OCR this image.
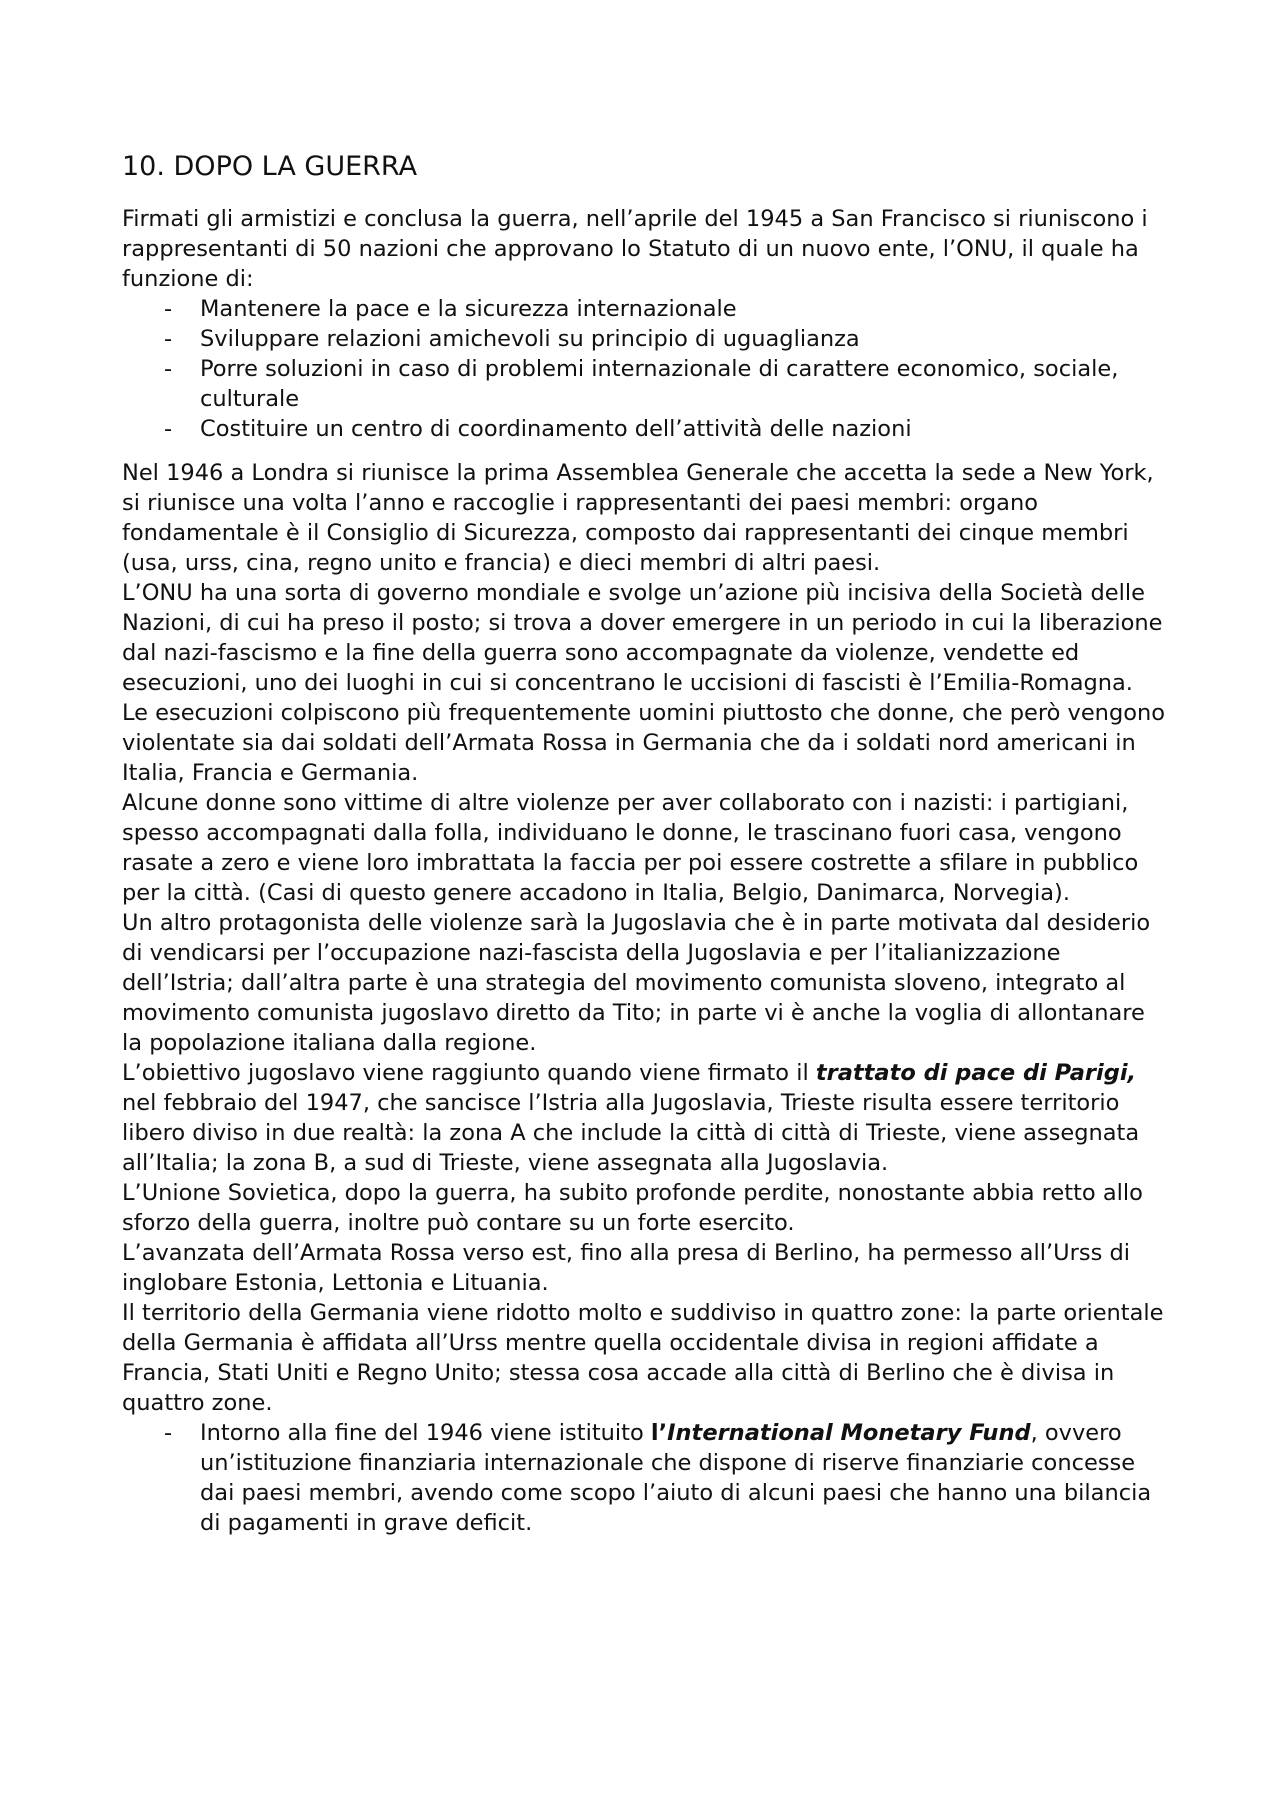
10. DOPO LA GUERRA

Firmati gli armistizi e conclusa la guerra, nell’aprile del 1945 a San Francisco si riuniscono i rappresentanti di 50 nazioni che approvano lo Statuto di un nuovo ente, l’ONU, il quale ha funzione di:

- Mantenere la pace e la sicurezza internazionale
- Sviluppare relazioni amichevoli su principio di uguaglianza
- Porre soluzioni in caso di problemi internazionale di carattere economico, sociale, culturale
- Costituire un centro di coordinamento dell’attività delle nazioni

Nel 1946 a Londra si riunisce la prima Assemblea Generale che accetta la sede a New York, si riunisce una volta l’anno e raccoglie i rappresentanti dei paesi membri: organo fondamentale è il Consiglio di Sicurezza, composto dai rappresentanti dei cinque membri (usa, urss, cina, regno unito e francia) e dieci membri di altri paesi.

L’ONU ha una sorta di governo mondiale e svolge un’azione più incisiva della Società delle Nazioni, di cui ha preso il posto; si trova a dover emergere in un periodo in cui la liberazione dal nazi-fascismo e la fine della guerra sono accompagnate da violenze, vendette ed esecuzioni, uno dei luoghi in cui si concentrano le uccisioni di fascisti è l’Emilia-Romagna.

Le esecuzioni colpiscono più frequentemente uomini piuttosto che donne, che però vengono violentate sia dai soldati dell’Armata Rossa in Germania che da i soldati nord americani in Italia, Francia e Germania.

Alcune donne sono vittime di altre violenze per aver collaborato con i nazisti: i partigiani, spesso accompagnati dalla folla, individuano le donne, le trascinano fuori casa, vengono rasate a zero e viene loro imbrattata la faccia per poi essere costrette a sfilare in pubblico per la città. (Casi di questo genere accadono in Italia, Belgio, Danimarca, Norvegia).

Un altro protagonista delle violenze sarà la Jugoslavia che è in parte motivata dal desiderio di vendicarsi per l’occupazione nazi-fascista della Jugoslavia e per l’italianizzazione dell’Istria; dall’altra parte è una strategia del movimento comunista sloveno, integrato al movimento comunista jugoslavo diretto da Tito; in parte vi è anche la voglia di allontanare la popolazione italiana dalla regione.

L’obiettivo jugoslavo viene raggiunto quando viene firmato il trattato di pace di Parigi, nel febbraio del 1947, che sancisce l’Istria alla Jugoslavia, Trieste risulta essere territorio libero diviso in due realtà: la zona A che include la città di città di Trieste, viene assegnata all’Italia; la zona B, a sud di Trieste, viene assegnata alla Jugoslavia.

L’Unione Sovietica, dopo la guerra, ha subito profonde perdite, nonostante abbia retto allo sforzo della guerra, inoltre può contare su un forte esercito.

L’avanzata dell’Armata Rossa verso est, fino alla presa di Berlino, ha permesso all’Urss di inglobare Estonia, Lettonia e Lituania.

Il territorio della Germania viene ridotto molto e suddiviso in quattro zone: la parte orientale della Germania è affidata all’Urss mentre quella occidentale divisa in regioni affidate a Francia, Stati Uniti e Regno Unito; stessa cosa accade alla città di Berlino che è divisa in quattro zone.

- Intorno alla fine del 1946 viene istituito l’International Monetary Fund, ovvero un’istituzione finanziaria internazionale che dispone di riserve finanziarie concesse dai paesi membri, avendo come scopo l’aiuto di alcuni paesi che hanno una bilancia di pagamenti in grave deficit.
